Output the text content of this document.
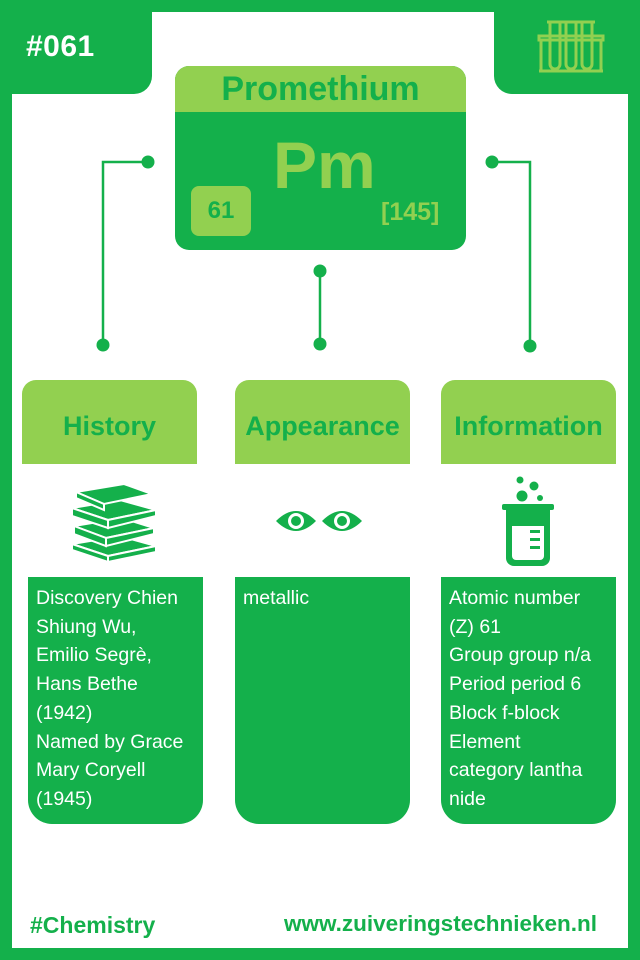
#061
Promethium
Pm
61	[145]
History	Appearance	Information
Discovery Chien
Shiung Wu,
Emilio Segrè,
Hans Bethe
(1942)
Named by Grace
Mary Coryell
(1945)
metallic	Atomic number
(Z) 61
Group group n/a
Period period 6
Block f-block
Element
category lantha
nide
#Chemistry	www.zuiveringstechnieken.nl
